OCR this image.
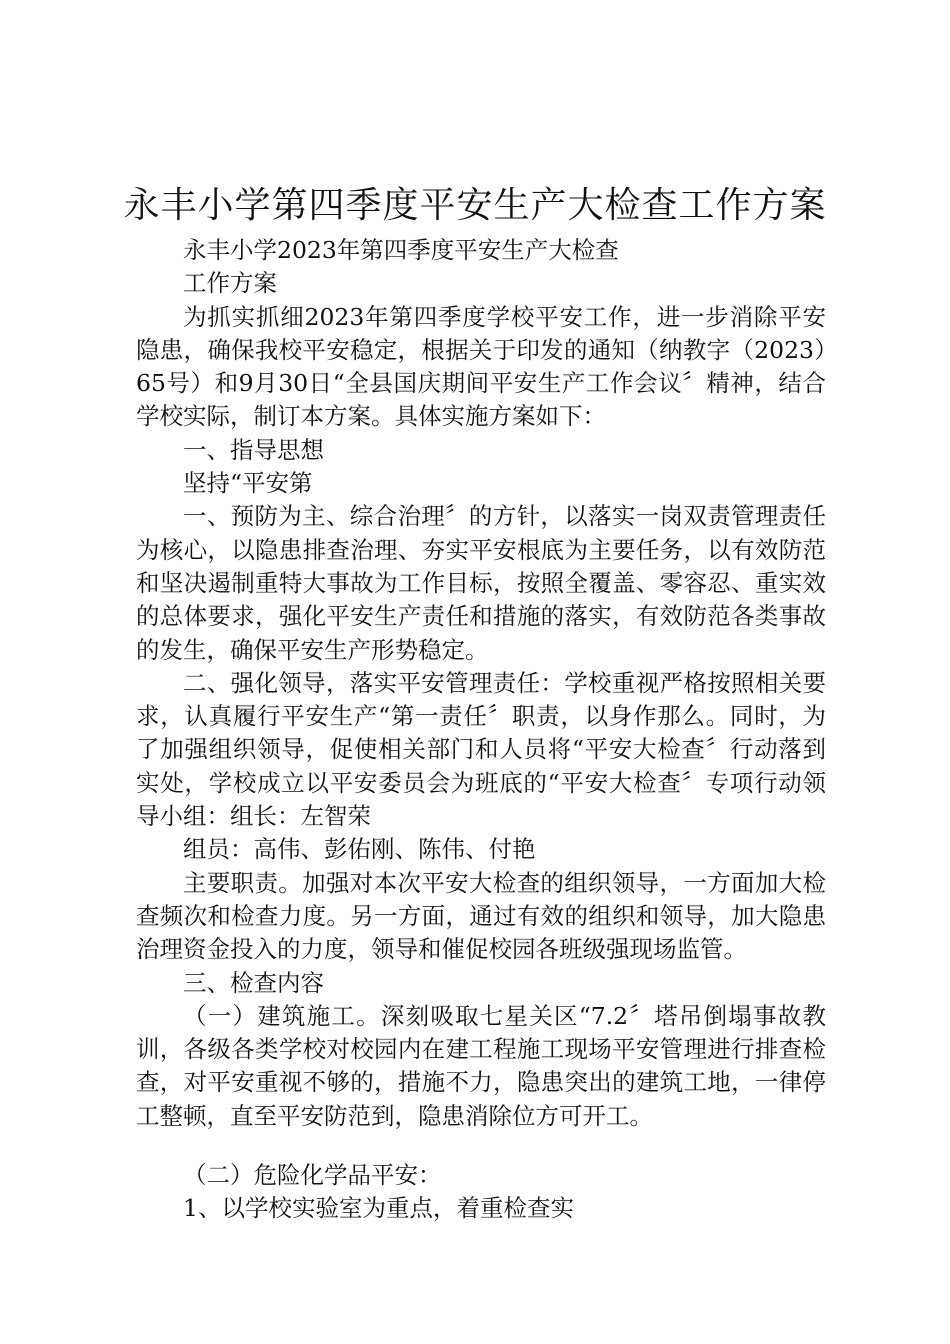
永丰小学第四季度平安生产大检查工作方案

永丰小学2023年第四季度平安生产大检查

工作方案

为抓实抓细2023年第四季度学校平安工作，进一步消除平安隐患，确保我校平安稳定，根据关于印发的通知（纳教字（2023）65号）和9月30日“全县国庆期间平安生产工作会议〞精神，结合学校实际，制订本方案。具体实施方案如下：

一、指导思想

坚持“平安第

一、预防为主、综合治理〞的方针，以落实一岗双责管理责任为核心，以隐患排查治理、夯实平安根底为主要任务，以有效防范和坚决遏制重特大事故为工作目标，按照全覆盖、零容忍、重实效的总体要求，强化平安生产责任和措施的落实，有效防范各类事故的发生，确保平安生产形势稳定。

二、强化领导，落实平安管理责任：学校重视严格按照相关要求，认真履行平安生产“第一责任〞职责，以身作那么。同时，为了加强组织领导，促使相关部门和人员将“平安大检查〞行动落到实处，学校成立以平安委员会为班底的“平安大检查〞专项行动领导小组：组长：左智荣

组员：高伟、彭佑刚、陈伟、付艳

主要职责。加强对本次平安大检查的组织领导，一方面加大检查频次和检查力度。另一方面，通过有效的组织和领导，加大隐患治理资金投入的力度，领导和催促校园各班级强现场监管。

三、检查内容

（一）建筑施工。深刻吸取七星关区“7.2〞塔吊倒塌事故教训，各级各类学校对校园内在建工程施工现场平安管理进行排查检查，对平安重视不够的，措施不力，隐患突出的建筑工地，一律停工整顿，直至平安防范到，隐患消除位方可开工。

（二）危险化学品平安：

1、以学校实验室为重点，着重检查实
